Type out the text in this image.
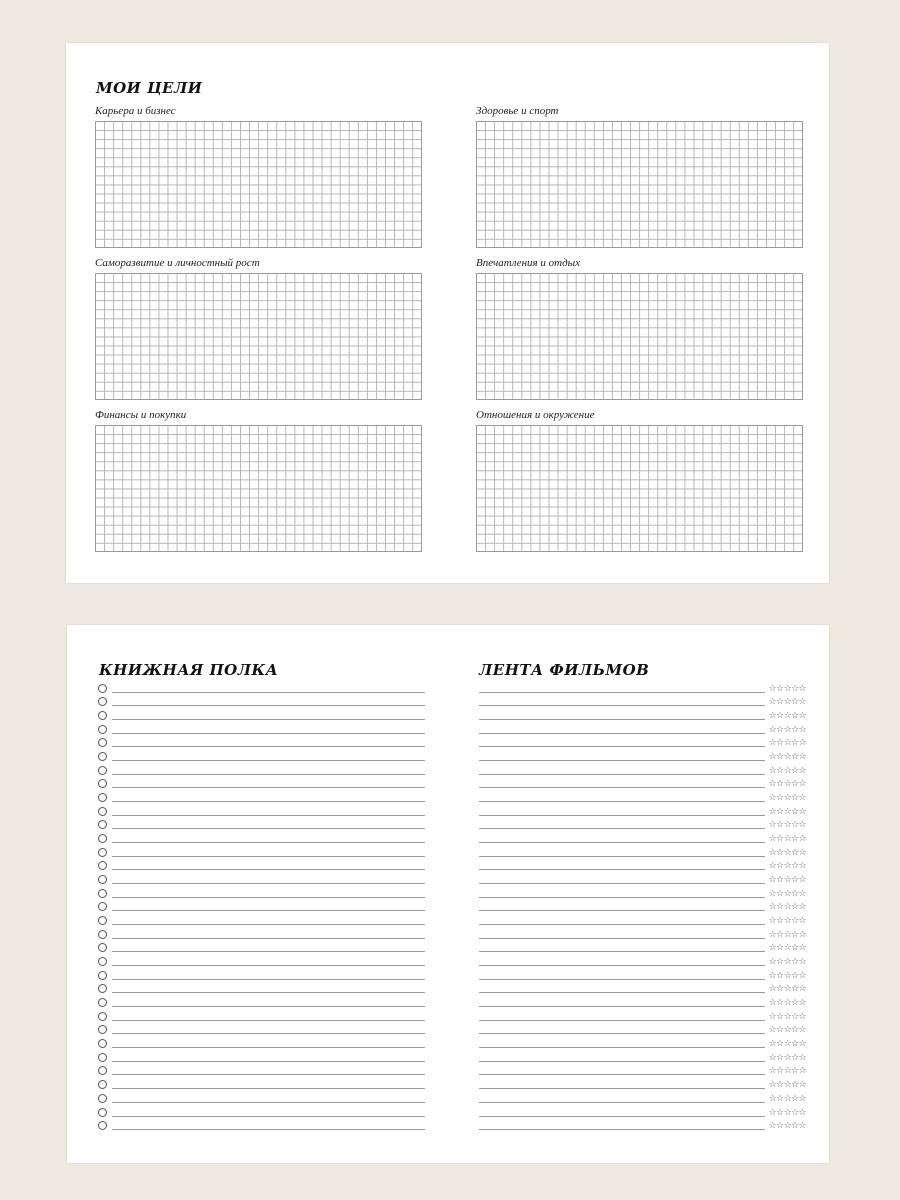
МОИ ЦЕЛИ
Карьера и бизнес	Здоровье и спорт
Саморазвитие и личностный рост	Впечатления и отдых
Финансы и покупки	Отношения и окружение
КНИЖНАЯ ПОЛКА	ЛЕНТА ФИЛЬМОВ
☆☆☆☆☆
☆☆☆☆☆
☆☆☆☆☆
☆☆☆☆☆
☆☆☆☆☆
☆☆☆☆☆
☆☆☆☆☆
☆☆☆☆☆
☆☆☆☆☆
☆☆☆☆☆
☆☆☆☆☆
☆☆☆☆☆
☆☆☆☆☆
☆☆☆☆☆
☆☆☆☆☆
☆☆☆☆☆
☆☆☆☆☆
☆☆☆☆☆
☆☆☆☆☆
☆☆☆☆☆
☆☆☆☆☆
☆☆☆☆☆
☆☆☆☆☆
☆☆☆☆☆
☆☆☆☆☆
☆☆☆☆☆
☆☆☆☆☆
☆☆☆☆☆
☆☆☆☆☆
☆☆☆☆☆
☆☆☆☆☆
☆☆☆☆☆
☆☆☆☆☆
